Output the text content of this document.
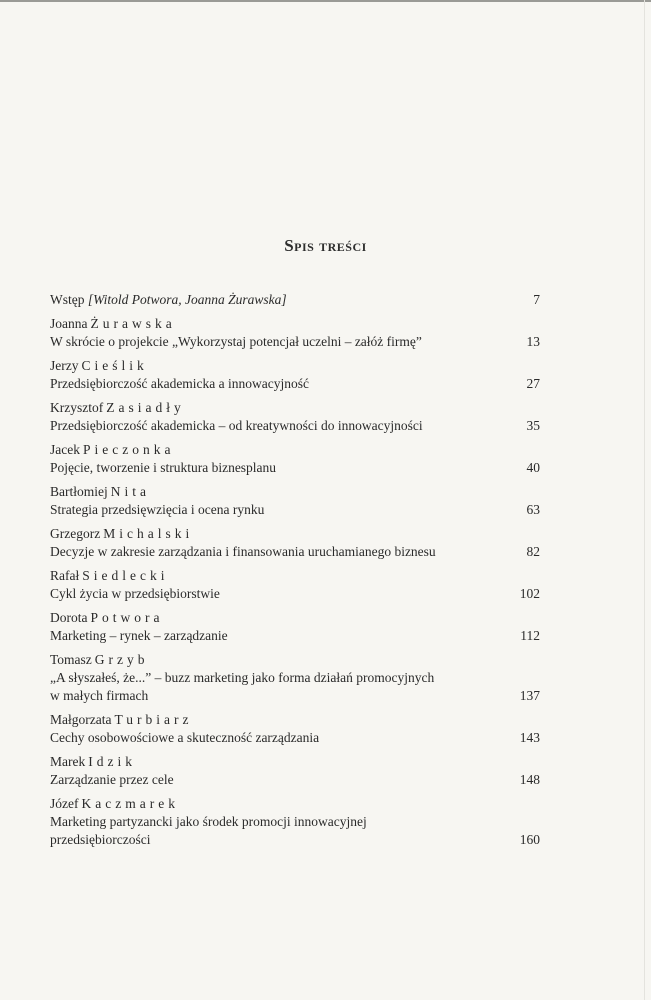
Spis treści
Wstęp [Witold Potwora, Joanna Żurawska]	7
Joanna Żurawska
W skrócie o projekcie „Wykorzystaj potencjał uczelni – załóż firmę”	13
Jerzy Cieślik
Przedsiębiorczość akademicka a innowacyjność	27
Krzysztof Zasiadły
Przedsiębiorczość akademicka – od kreatywności do innowacyjności	35
Jacek Pieczonka
Pojęcie, tworzenie i struktura biznesplanu	40
Bartłomiej Nita
Strategia przedsięwzięcia i ocena rynku	63
Grzegorz Michalski
Decyzje w zakresie zarządzania i finansowania uruchamianego biznesu	82
Rafał Siedlecki
Cykl życia w przedsiębiorstwie	102
Dorota Potwora
Marketing – rynek – zarządzanie	112
Tomasz Grzyb
„A słyszałeś, że...” – buzz marketing jako forma działań promocyjnych
w małych firmach	137
Małgorzata Turbiarz
Cechy osobowościowe a skuteczność zarządzania	143
Marek Idzik
Zarządzanie przez cele	148
Józef Kaczmarek
Marketing partyzancki jako środek promocji innowacyjnej
przedsiębiorczości	160
